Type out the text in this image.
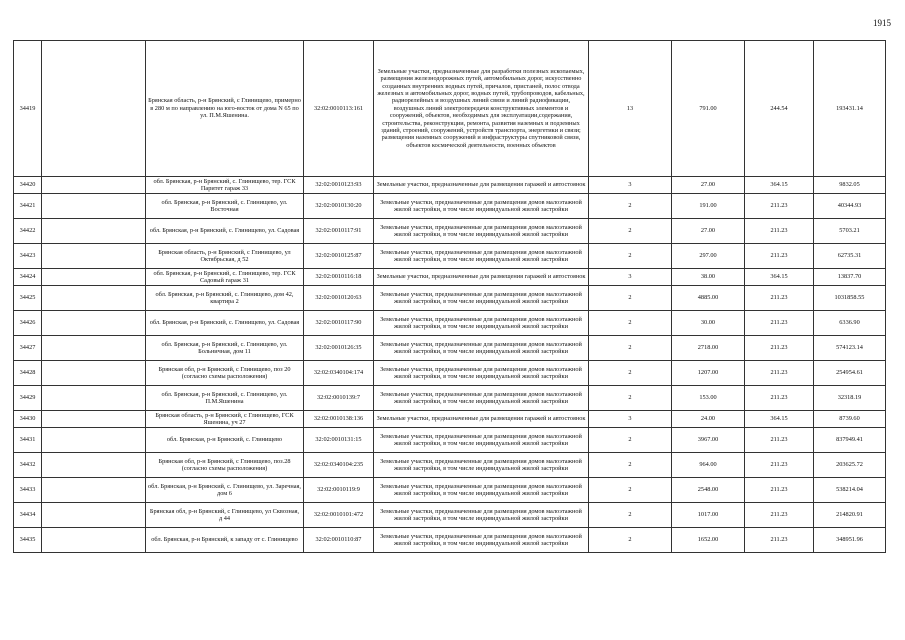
1915
34419		Брянская область, р-н Брянский, с Глинищево, примерно в 280 м по направлению на юго-восток от дома N 65 по ул. П.М.Яшенина.	32:02:0010113:161	Земельные участки, предназначенные для разработки полезных ископаемых, размещения железнодорожных путей, автомобильных дорог, искусственно созданных внутренних водных путей, причалов, пристаней, полос отвода железных и автомобильных дорог, водных путей, трубопроводов, кабельных, радиорелейных и воздушных линий связи и линий радиофикации, воздушных линий электропередачи конструктивных элементов и сооружений, объектов, необходимых для эксплуатации,содержания, строительства, реконструкции, ремонта, развития наземных и подземных зданий, строений, сооружений, устройств транспорта, энергетики и связи; размещения наземных сооружений и инфраструктуры спутниковой связи, объектов космической деятельности, военных объектов	13	791.00	244.54	193431.14
34420		обл. Брянская, р-н Брянский, с. Глинищево, тер. ГСК Паритет гараж 33	32:02:0010123:93	Земельные участки, предназначенные для размещения гаражей и автостоянок	3	27.00	364.15	9832.05
34421		обл. Брянская, р-н Брянский, с. Глинищево, ул. Восточная	32:02:0010130:20	Земельные участки, предназначенные для размещения домов малоэтажной жилой застройки, в том числе индивидуальной жилой застройки	2	191.00	211.23	40344.93
34422		обл. Брянская, р-н Брянский, с. Глинищево, ул. Садовая	32:02:0010117:91	Земельные участки, предназначенные для размещения домов малоэтажной жилой застройки, в том числе индивидуальной жилой застройки	2	27.00	211.23	5703.21
34423		Брянская область, р-н Брянский, с Глинищево, ул Октябрьская, д 52	32:02:0010125:87	Земельные участки, предназначенные для размещения домов малоэтажной жилой застройки, в том числе индивидуальной жилой застройки	2	297.00	211.23	62735.31
34424		обл. Брянская, р-н Брянский, с. Глинищево, тер. ГСК Садовый гараж 31	32:02:0010116:18	Земельные участки, предназначенные для размещения гаражей и автостоянок	3	38.00	364.15	13837.70
34425		обл. Брянская, р-н Брянский, с. Глинищево, дом 42, квартира 2	32:02:0010120:63	Земельные участки, предназначенные для размещения домов малоэтажной жилой застройки, в том числе индивидуальной жилой застройки	2	4885.00	211.23	1031858.55
34426		обл. Брянская, р-н Брянский, с. Глинищево, ул. Садовая	32:02:0010117:90	Земельные участки, предназначенные для размещения домов малоэтажной жилой застройки, в том числе индивидуальной жилой застройки	2	30.00	211.23	6336.90
34427		обл. Брянская, р-н Брянский, с. Глинищево, ул. Больничная, дом 11	32:02:0010126:35	Земельные участки, предназначенные для размещения домов малоэтажной жилой застройки, в том числе индивидуальной жилой застройки	2	2718.00	211.23	574123.14
34428		Брянская обл, р-н Брянский, с Глинищево, поз 20 (согласно схемы расположения)	32:02:0340104:174	Земельные участки, предназначенные для размещения домов малоэтажной жилой застройки, в том числе индивидуальной жилой застройки	2	1207.00	211.23	254954.61
34429		обл. Брянская, р-н Брянский, с. Глинищево, ул. П.М.Яшенина	32:02:0010139:7	Земельные участки, предназначенные для размещения домов малоэтажной жилой застройки, в том числе индивидуальной жилой застройки	2	153.00	211.23	32318.19
34430		Брянская область, р-н Брянский, с Глинищево, ГСК Яшенина, уч 27	32:02:0010138:136	Земельные участки, предназначенные для размещения гаражей и автостоянок	3	24.00	364.15	8739.60
34431		обл. Брянская, р-н Брянский, с. Глинищево	32:02:0010131:15	Земельные участки, предназначенные для размещения домов малоэтажной жилой застройки, в том числе индивидуальной жилой застройки	2	3967.00	211.23	837949.41
34432		Брянская обл, р-н Брянский, с Глинищево, поз.28 (согласно схемы расположения)	32:02:0340104:235	Земельные участки, предназначенные для размещения домов малоэтажной жилой застройки, в том числе индивидуальной жилой застройки	2	964.00	211.23	203625.72
34433		обл. Брянская, р-н Брянский, с. Глинищево, ул. Заречная, дом 6	32:02:0010119:9	Земельные участки, предназначенные для размещения домов малоэтажной жилой застройки, в том числе индивидуальной жилой застройки	2	2548.00	211.23	538214.04
34434		Брянская обл, р-н Брянский, с Глинищево, ул Сквозная, д 44	32:02:0010101:472	Земельные участки, предназначенные для размещения домов малоэтажной жилой застройки, в том числе индивидуальной жилой застройки	2	1017.00	211.23	214820.91
34435		обл. Брянская, р-н Брянский, к западу от с. Глинищево	32:02:0010110:87	Земельные участки, предназначенные для размещения домов малоэтажной жилой застройки, в том числе индивидуальной жилой застройки	2	1652.00	211.23	348951.96
